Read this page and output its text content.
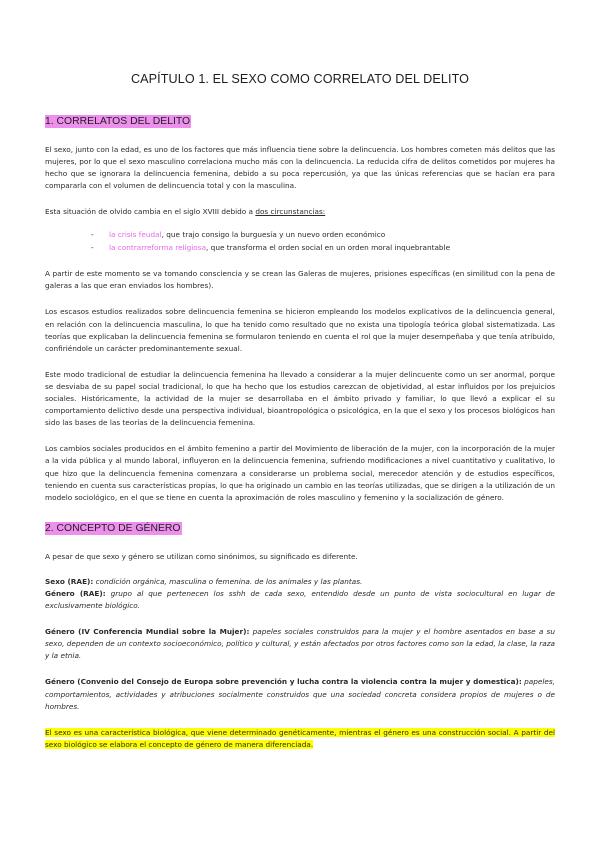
CAPÍTULO 1. EL SEXO COMO CORRELATO DEL DELITO
1. CORRELATOS DEL DELITO

El sexo, junto con la edad, es uno de los factores que más influencia tiene sobre la delincuencia. Los hombres cometen más delitos que las mujeres, por lo que el sexo masculino correlaciona mucho más con la delincuencia. La reducida cifra de delitos cometidos por mujeres ha hecho que se ignorara la delincuencia femenina, debido a su poca repercusión, ya que las únicas referencias que se hacían era para compararla con el volumen de delincuencia total y con la masculina.

Esta situación de olvido cambia en el siglo XVIII debido a dos circunstancias:

- la crisis feudal, que trajo consigo la burguesía y un nuevo orden económico
- la contrarreforma religiosa, que transforma el orden social en un orden moral inquebrantable

A partir de este momento se va tomando consciencia y se crean las Galeras de mujeres, prisiones específicas (en similitud con la pena de galeras a las que eran enviados los hombres).

Los escasos estudios realizados sobre delincuencia femenina se hicieron empleando los modelos explicativos de la delincuencia general, en relación con la delincuencia masculina, lo que ha tenido como resultado que no exista una tipología teórica global sistematizada. Las teorías que explicaban la delincuencia femenina se formularon teniendo en cuenta el rol que la mujer desempeñaba y que tenía atribuido, confiriéndole un carácter predominantemente sexual.

Este modo tradicional de estudiar la delincuencia femenina ha llevado a considerar a la mujer delincuente como un ser anormal, porque se desviaba de su papel social tradicional, lo que ha hecho que los estudios carezcan de objetividad, al estar influidos por los prejuicios sociales. Históricamente, la actividad de la mujer se desarrollaba en el ámbito privado y familiar, lo que llevó a explicar el su comportamiento delictivo desde una perspectiva individual, bioantropológica o psicológica, en la que el sexo y los procesos biológicos han sido las bases de las teorías de la delincuencia femenina.

Los cambios sociales producidos en el ámbito femenino a partir del Movimiento de liberación de la mujer, con la incorporación de la mujer a la vida pública y al mundo laboral, influyeron en la delincuencia femenina, sufriendo modificaciones a nivel cuantitativo y cualitativo, lo que hizo que la delincuencia femenina comenzara a considerarse un problema social, merecedor atención y de estudios específicos, teniendo en cuenta sus características propias, lo que ha originado un cambio en las teorías utilizadas, que se dirigen a la utilización de un modelo sociológico, en el que se tiene en cuenta la aproximación de roles masculino y femenino y la socialización de género.

2. CONCEPTO DE GÉNERO

A pesar de que sexo y género se utilizan como sinónimos, su significado es diferente.

Sexo (RAE): condición orgánica, masculina o femenina. de los animales y las plantas.

Género (RAE): grupo al que pertenecen los sshh de cada sexo, entendido desde un punto de vista sociocultural en lugar de exclusivamente biológico.

Género (IV Conferencia Mundial sobre la Mujer): papeles sociales construidos para la mujer y el hombre asentados en base a su sexo, dependen de un contexto socioeconómico, político y cultural, y están afectados por otros factores como son la edad, la clase, la raza y la etnia.

Género (Convenio del Consejo de Europa sobre prevención y lucha contra la violencia contra la mujer y domestica): papeles, comportamientos, actividades y atribuciones socialmente construidos que una sociedad concreta considera propios de mujeres o de hombres.

El sexo es una característica biológica, que viene determinado genéticamente, mientras el género es una construcción social. A partir del sexo biológico se elabora el concepto de género de manera diferenciada.
